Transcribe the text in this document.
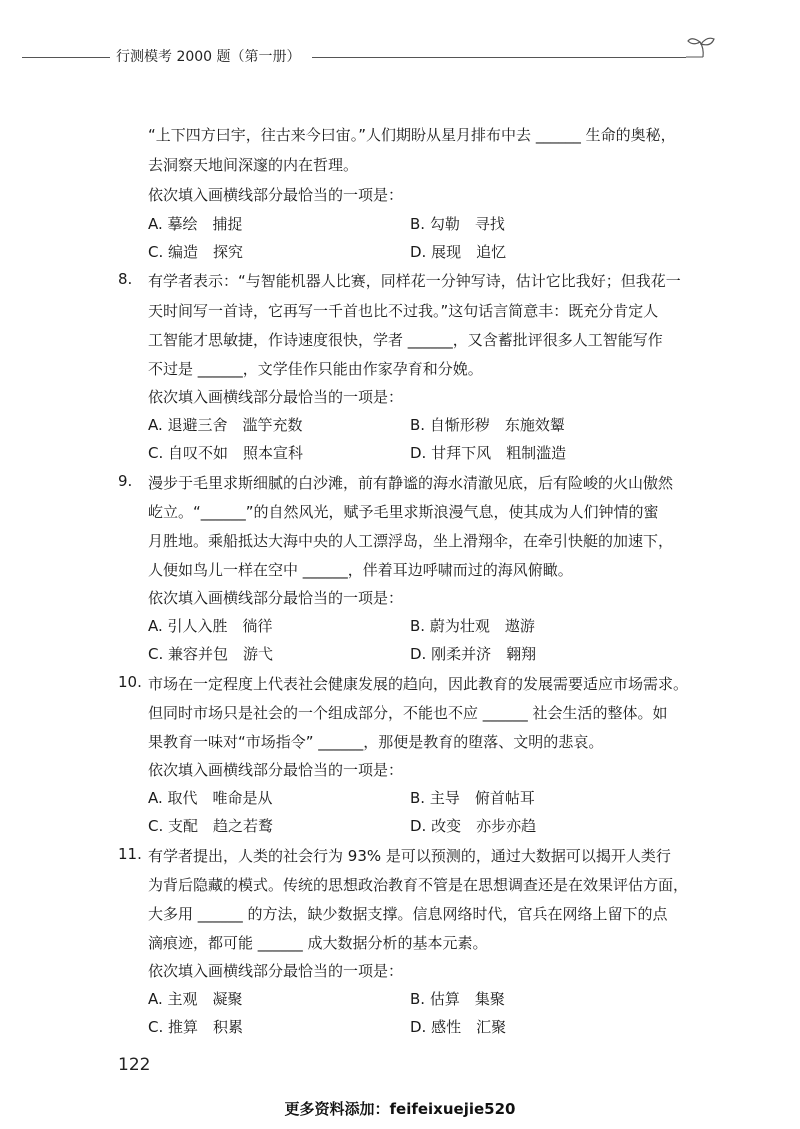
行测模考 2000 题（第一册）
“上下四方曰宇，往古来今曰宙。”人们期盼从星月排布中去 ______ 生命的奥秘，
去洞察天地间深邃的内在哲理。
依次填入画横线部分最恰当的一项是：
A. 摹绘　捕捉	B. 勾勒　寻找
C. 编造　探究	D. 展现　追忆
8. 有学者表示：“与智能机器人比赛，同样花一分钟写诗，估计它比我好；但我花一
天时间写一首诗，它再写一千首也比不过我。”这句话言简意丰：既充分肯定人
工智能才思敏捷，作诗速度很快，学者 ______，又含蓄批评很多人工智能写作
不过是 ______，文学佳作只能由作家孕育和分娩。
依次填入画横线部分最恰当的一项是：
A. 退避三舍　滥竽充数	B. 自惭形秽　东施效颦
C. 自叹不如　照本宣科	D. 甘拜下风　粗制滥造
9. 漫步于毛里求斯细腻的白沙滩，前有静谧的海水清澈见底，后有险峻的火山傲然
屹立。“______”的自然风光，赋予毛里求斯浪漫气息，使其成为人们钟情的蜜
月胜地。乘船抵达大海中央的人工漂浮岛，坐上滑翔伞，在牵引快艇的加速下，
人便如鸟儿一样在空中 ______，伴着耳边呼啸而过的海风俯瞰。
依次填入画横线部分最恰当的一项是：
A. 引人入胜　徜徉	B. 蔚为壮观　遨游
C. 兼容并包　游弋	D. 刚柔并济　翱翔
10. 市场在一定程度上代表社会健康发展的趋向，因此教育的发展需要适应市场需求。
但同时市场只是社会的一个组成部分，不能也不应 ______ 社会生活的整体。如
果教育一味对“市场指令” ______，那便是教育的堕落、文明的悲哀。
依次填入画横线部分最恰当的一项是：
A. 取代　唯命是从	B. 主导　俯首帖耳
C. 支配　趋之若鹜	D. 改变　亦步亦趋
11. 有学者提出，人类的社会行为 93% 是可以预测的，通过大数据可以揭开人类行
为背后隐藏的模式。传统的思想政治教育不管是在思想调查还是在效果评估方面，
大多用 ______ 的方法，缺少数据支撑。信息网络时代，官兵在网络上留下的点
滴痕迹，都可能 ______ 成大数据分析的基本元素。
依次填入画横线部分最恰当的一项是：
A. 主观　凝聚	B. 估算　集聚
C. 推算　积累	D. 感性　汇聚
122
更多资料添加：feifeixuejie520
